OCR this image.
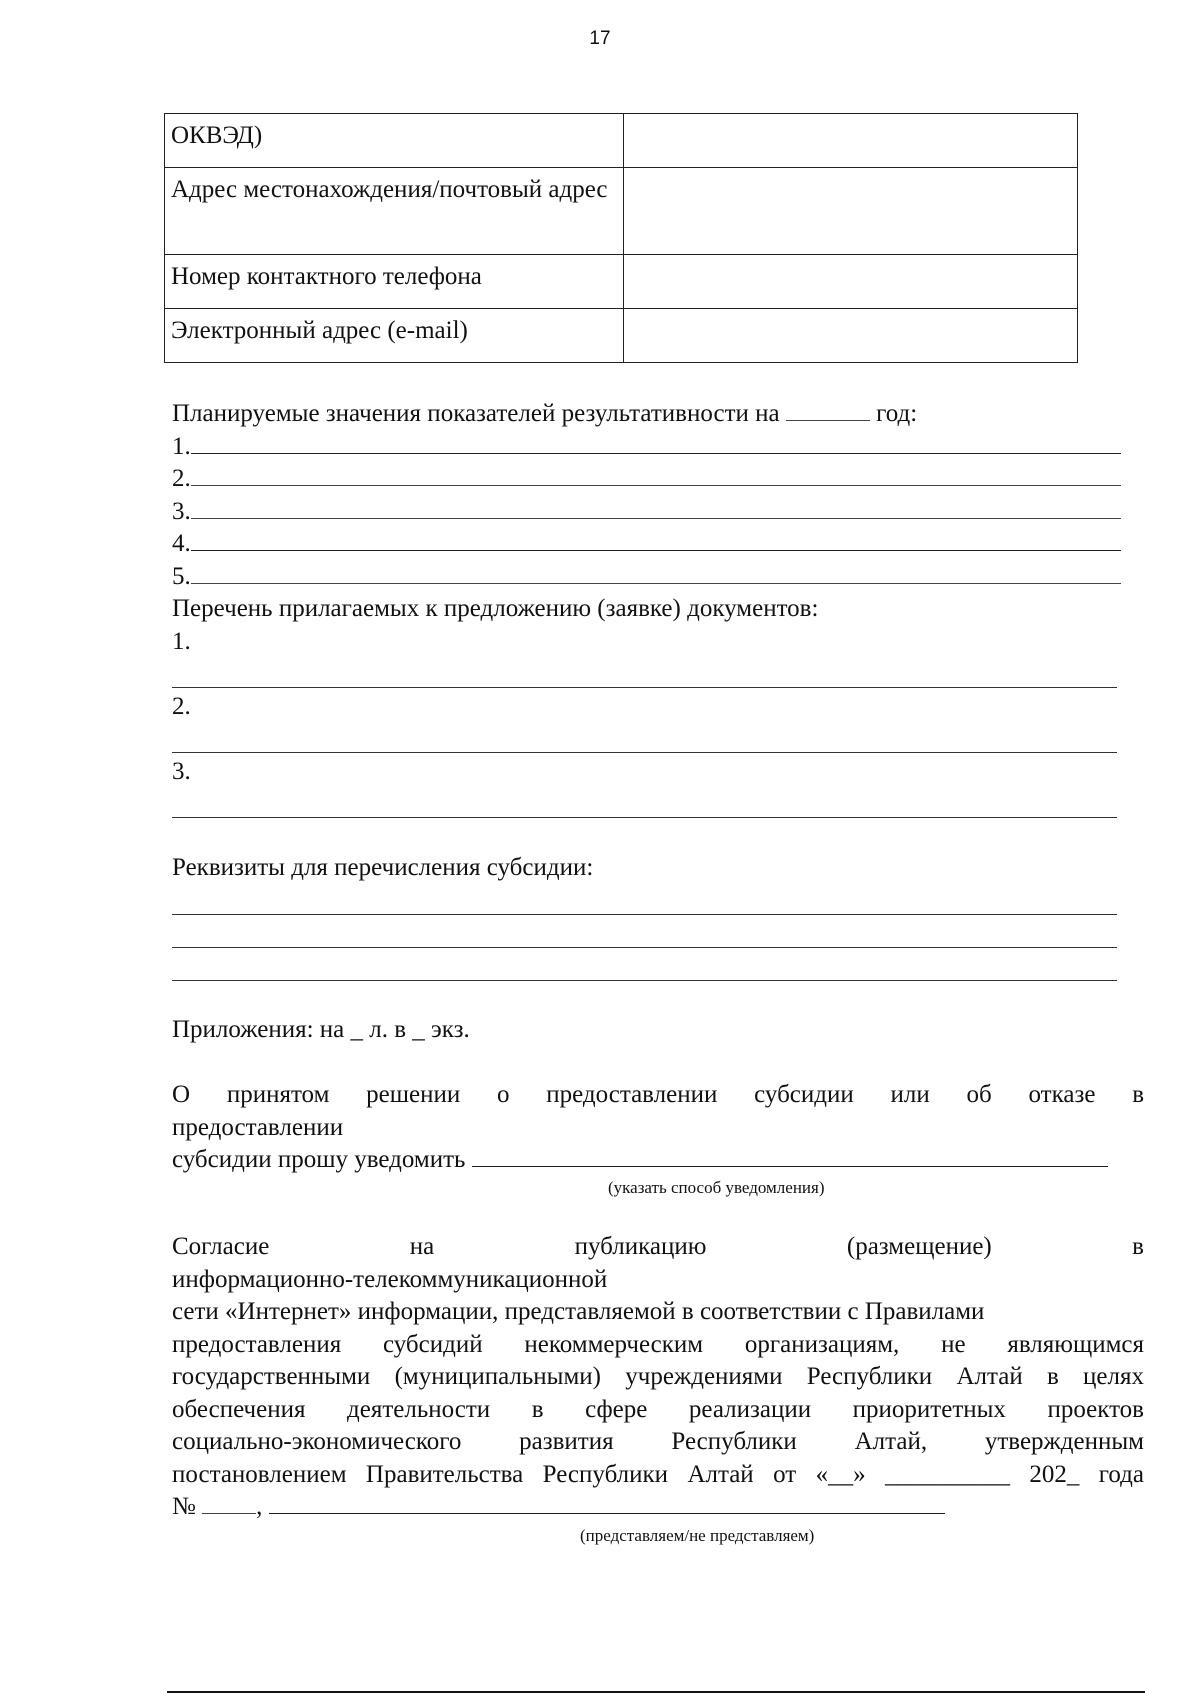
17
ОКВЭД)	
Адрес местонахождения/почтовый адрес	
Номер контактного телефона	
Электронный адрес (e-mail)	
Планируемые значения показателей результативности на	год:
1.
2.
3.
4.
5.
Перечень прилагаемых к предложению (заявке) документов:
1.
2.
3.
Реквизиты для перечисления субсидии:
Приложения: на _ л. в _ экз.
О принятом решении о предоставлении субсидии или об отказе в
предоставлении
субсидии прошу уведомить
(указать способ уведомления)
Согласие на публикацию (размещение) в
информационно-телекоммуникационной
сети «Интернет» информации, представляемой в соответствии с Правилами
предоставления субсидий некоммерческим организациям, не являющимся
государственными (муниципальными) учреждениями Республики Алтай в целях
обеспечения деятельности в сфере реализации приоритетных проектов
социально-экономического развития Республики Алтай, утвержденным
постановлением Правительства Республики Алтай от «__» __________ 202_ года
№ ,
(представляем/не представляем)
